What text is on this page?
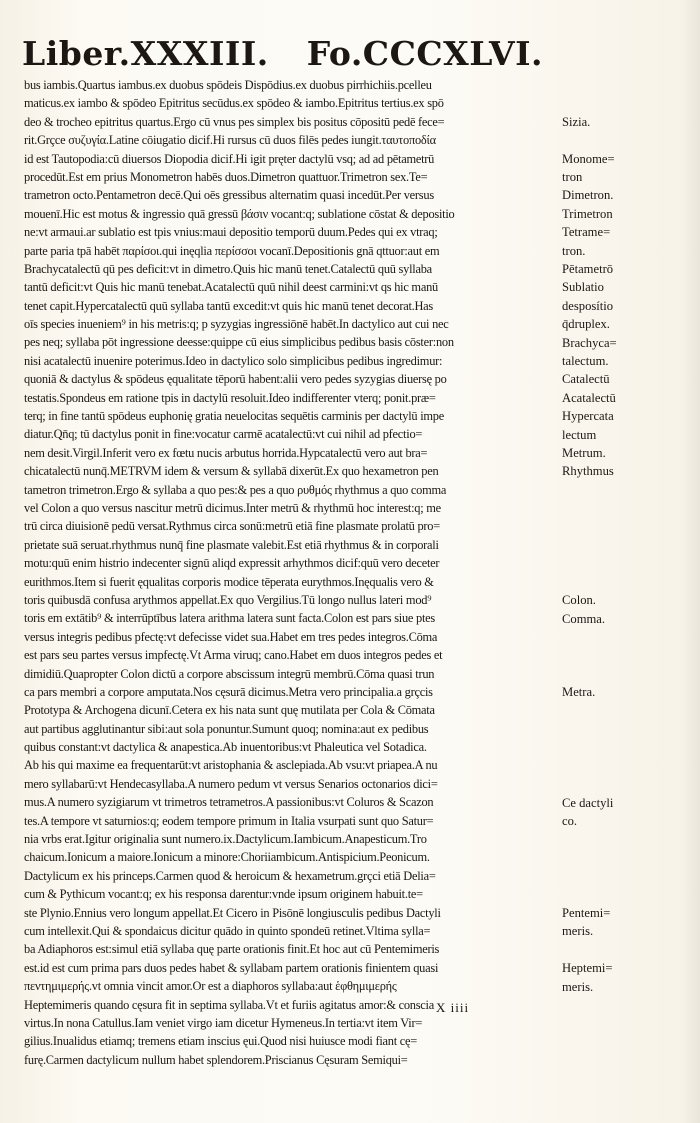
Liber.XXXIII. Fo.CCCXLVI.
bus iambis.Quartus iambus.ex duobus spōdeis Dispōdius.ex duobus pirrhichiis.pcelleu
maticus.ex iambo & spōdeo Epitritus secūdus.ex spōdeo & iambo.Epitritus tertius.ex spō
deo & trocheo epitritus quartus.Ergo cū vnus pes simplex bis positus cōpositū pedē fece=
rit.Grçce συζυγία.Latine cōiugatio dicif.Hi rursus cū duos filēs pedes iungit.ταυτοποδία
id est Tautopodia:cū diuersos Diopodia dicif.Hi igit pręter dactylū vsq; ad ad pētametrū
procedūt.Est em prius Monometron habēs duos.Dimetron quattuor.Trimetron sex.Te=
trametron octo.Pentametron decē.Qui oēs gressibus alternatim quasi incedūt.Per versus
mouenī.Hic est motus & ingressio quā gressū βάσιν vocant:q; sublatione cōstat & depositio
ne:vt armaui.ar sublatio est tpis vnius:maui depositio temporū duum.Pedes qui ex vtraq;
parte paria tpā habēt παρίσοι.qui inęqlia περίσσοι vocanī.Depositionis gnā qttuor:aut em
Brachycatalectū qū pes deficit:vt in dimetro.Quis hic manū tenet.Catalectū quū syllaba
tantū deficit:vt Quis hic manū tenebat.Acatalectū quū nihil deest carmini:vt qs hic manū
tenet capit.Hypercatalectū quū syllaba tantū excedit:vt quis hic manū tenet decorat.Has
oīs species inueniem⁹ in his metris:q; p syzygias ingressiōnē habēt.In dactylico aut cui nec
pes neq; syllaba pōt ingressione deesse:quippe cū eius simplicibus pedibus basis cōster:non
nisi acatalectū inuenire poterimus.Ideo in dactylico solo simplicibus pedibus ingredimur:
quoniā & dactylus & spōdeus ęqualitate tēporū habent:alii vero pedes syzygias diuersę po
testatis.Spondeus em ratione tpis in dactylū resoluit.Ideo indifferenter vterq; ponit.præ=
terq; in fine tantū spōdeus euphonię gratia neuelocitas sequētis carminis per dactylū impe
diatur.Qn̄q; tū dactylus ponit in fine:vocatur carmē acatalectū:vt cui nihil ad pfectio=
nem desit.Virgil.Inferit vero ex fœtu nucis arbutus horrida.Hypcatalectū vero aut bra=
chicatalectū nunq̄.METRVM idem & versum & syllabā dixerūt.Ex quo hexametron pen
tametron trimetron.Ergo & syllaba a quo pes:& pes a quo ρυθμός rhythmus a quo comma
vel Colon a quo versus nascitur metrū dicimus.Inter metrū & rhythmū hoc interest:q; me
trū circa diuisionē pedū versat.Rythmus circa sonū:metrū etiā fine plasmate prolatū pro=
prietate suā seruat.rhythmus nunq̄ fine plasmate valebit.Est etiā rhythmus & in corporali
motu:quū enim histrio indecenter signū aliqd expressit arhythmos dicif:quū vero deceter
eurithmos.Item si fuerit ęqualitas corporis modice tēperata eurythmos.Inęqualis vero &
toris quibusdā confusa arythmos appellat.Ex quo Vergilius.Tū longo nullus lateri mod⁹
toris em extātib⁹ & interrūptībus latera arithma latera sunt facta.Colon est pars siue ptes
versus integris pedibus pfectę:vt defecisse videt sua.Habet em tres pedes integros.Cōma
est pars seu partes versus impfectę.Vt Arma viruq; cano.Habet em duos integros pedes et
dimidiū.Quapropter Colon dictū a corpore abscissum integrū membrū.Cōma quasi trun
ca pars membri a corpore amputata.Nos cęsurā dicimus.Metra vero principalia.a grçcis
Prototypa & Archogena dicunī.Cetera ex his nata sunt quę mutilata per Cola & Cōmata
aut partibus agglutinantur sibi:aut sola ponuntur.Sumunt quoq; nomina:aut ex pedibus
quibus constant:vt dactylica & anapestica.Ab inuentoribus:vt Phaleutica vel Sotadica.
Ab his qui maxime ea frequentarūt:vt aristophania & asclepiada.Ab vsu:vt priapea.A nu
mero syllabarū:vt Hendecasyllaba.A numero pedum vt versus Senarios octonarios dici=
mus.A numero syzigiarum vt trimetros tetrametros.A passionibus:vt Coluros & Scazon
tes.A tempore vt saturnios:q; eodem tempore primum in Italia vsurpati sunt quo Satur=
nia vrbs erat.Igitur originalia sunt numero.ix.Dactylicum.Iambicum.Anapesticum.Tro
chaicum.Ionicum a maiore.Ionicum a minore:Choriiambicum.Antispicium.Peonicum.
Dactylicum ex his princeps.Carmen quod & heroicum & hexametrum.grçci etiā Delia=
cum & Pythicum vocant:q; ex his responsa darentur:vnde ipsum originem habuit.te=
ste Plynio.Ennius vero longum appellat.Et Cicero in Pisōnē longiusculis pedibus Dactyli
cum intellexit.Qui & spondaicus dicitur quādo in quinto spondeū retinet.Vltima sylla=
ba Adiaphoros est:simul etiā syllaba quę parte orationis finit.Et hoc aut cū Pentemimeris
est.id est cum prima pars duos pedes habet & syllabam partem orationis finientem quasi
πεντημιμερής.vt omnia vincit amor.Or est a diaphoros syllaba:aut ἑφθημιμερής
Heptemimeris quando cęsura fit in septima syllaba.Vt et furiis agitatus amor:& conscia
virtus.In nona Catullus.Iam veniet virgo iam dicetur Hymeneus.In tertia:vt item Vir=
gilius.Inualidus etiamq; tremens etiam inscius ęui.Quod nisi huiusce modi fiant cę=
furę.Carmen dactylicum nullum habet splendorem.Priscianus Cęsuram Semiqui=
Sizia.
Monome=
tron
Dimetron.
Trimetron
Tetrame=
tron.
Pētametrō
Sublatio
desposítio
q̄druplex.
Brachyca=
talectum.
Catalectū
Acatalectū
Hypercata
lectum
Metrum.
Rhythmus
Colon.
Comma.
Metra.
Ce dactyli
co.
Pentemi=
meris.
Heptemi=
meris.
X iiii
